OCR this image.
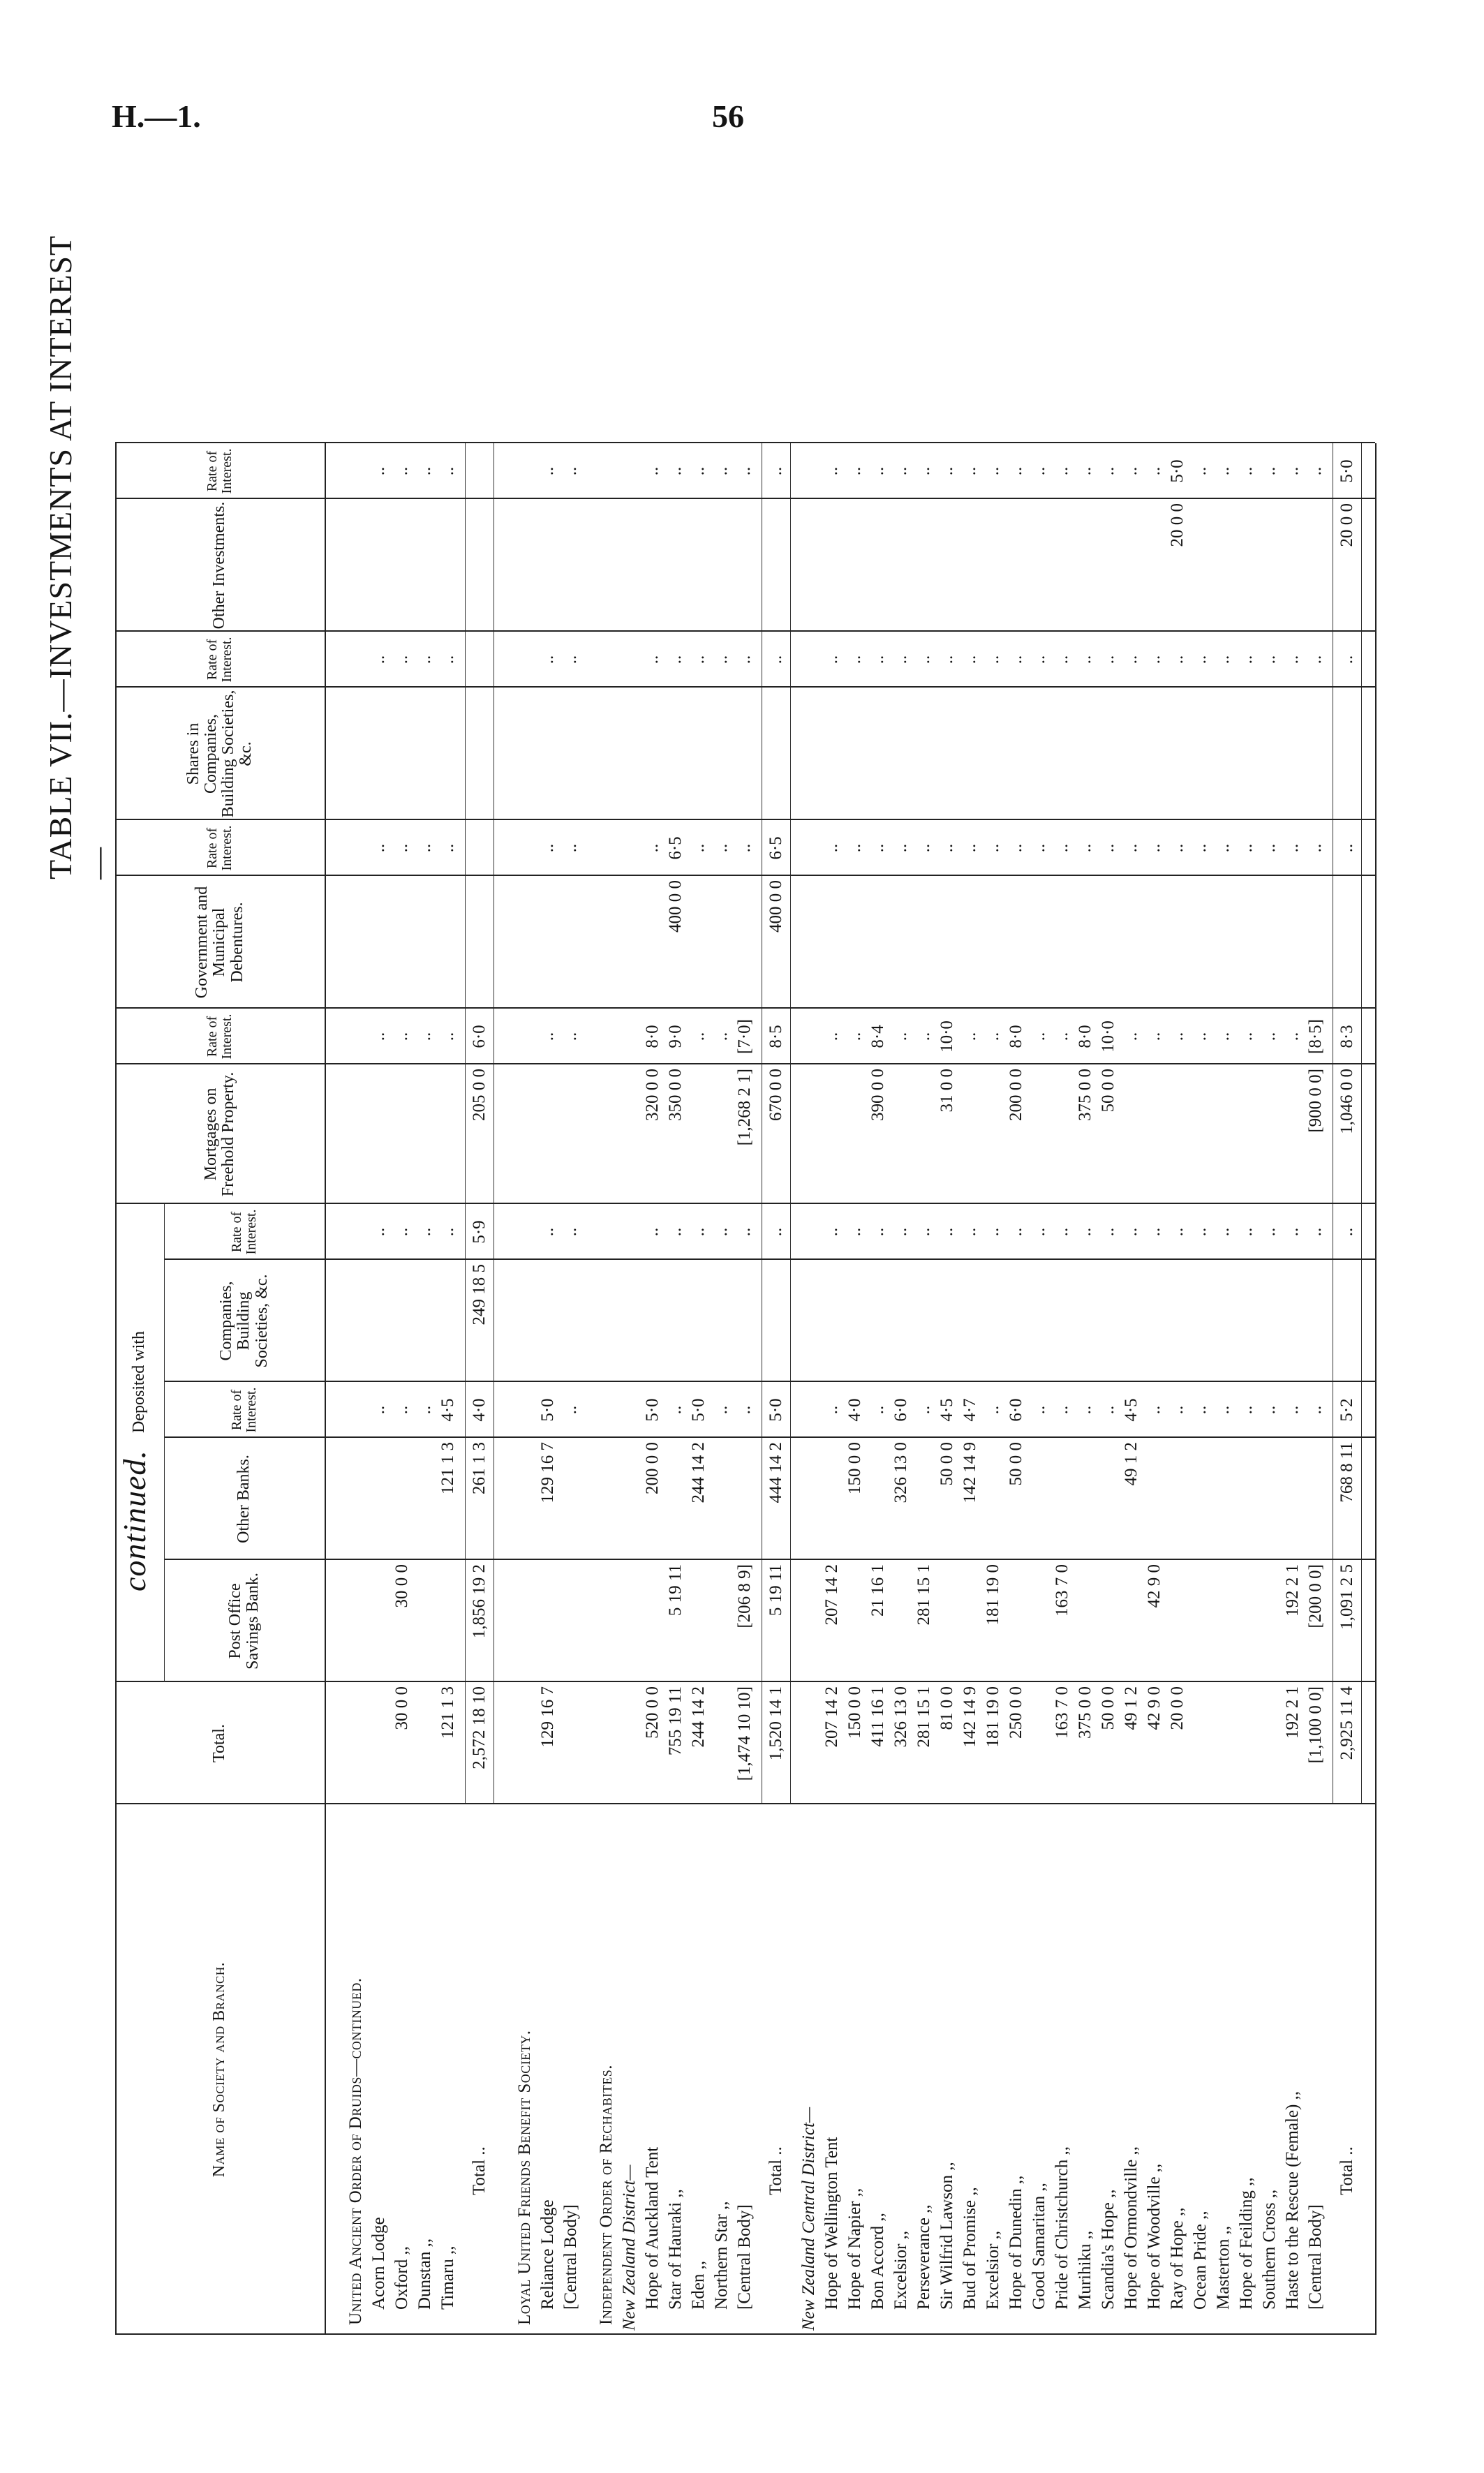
H.—1.	56
TABLE VII.—INVESTMENTS AT INTEREST—continued.
Name of Society and Branch.
Total.
Deposited with
Post Office Savings Bank.
Other Banks.
Rate of Interest.
Companies, Building Societies, &c.
Rate of Interest.
Mortgages on Freehold Property.
Rate of Interest.
Government and Municipal Debentures.
Rate of Interest.
Shares in Companies, Building Societies, &c.
Rate of Interest.
Other Investments.
Rate of Interest.
United Ancient Order of Druids—continued. Acorn Lodge
..
..
..
..
..
..
Oxford ,,
30 0 0
30 0 0
..
..
..
..
..
..
Dunstan ,,
..
..
..
..
..
..
Timaru ,,
121 1 3
121 1 3
4·5
..
..
..
..
..
Total ..
2,572 18 10
1,856 19 2
261 1 3
4·0
249 18 5
5·9
205 0 0
6·0
Loyal United Friends Benefit Society. Reliance Lodge
129 16 7
129 16 7
5·0
..
..
..
..
..
[Central Body]
..
..
..
..
..
..
Independent Order of Rechabites. New Zealand District— Hope of Auckland Tent
520 0 0
200 0 0
5·0
..
320 0 0
8·0
..
..
..
Star of Hauraki ,,
755 19 11
5 19 11
..
..
350 0 0
9·0
400 0 0
6·5
..
..
Eden ,,
244 14 2
244 14 2
5·0
..
..
..
..
..
Northern Star ,,
..
..
..
..
..
..
[Central Body]
[1,474 10 10]
[206 8 9]
..
..
[1,268 2 1]
[7·0]
..
..
..
Total ..
1,520 14 1
5 19 11
444 14 2
5·0
..
670 0 0
8·5
400 0 0
6·5
..
..
New Zealand Central District— Hope of Wellington Tent
207 14 2
207 14 2
..
..
..
..
..
..
Hope of Napier ,,
150 0 0
150 0 0
4·0
..
..
..
..
..
Bon Accord ,,
411 16 1
21 16 1
..
..
390 0 0
8·4
..
..
..
Excelsior ,,
326 13 0
326 13 0
6·0
..
..
..
..
..
Perseverance ,,
281 15 1
281 15 1
..
..
..
..
..
..
Sir Wilfrid Lawson ,,
81 0 0
50 0 0
4·5
..
31 0 0
10·0
..
..
..
Bud of Promise ,,
142 14 9
142 14 9
4·7
..
..
..
..
..
Excelsior ,,
181 19 0
181 19 0
..
..
..
..
..
..
Hope of Dunedin ,,
250 0 0
50 0 0
6·0
..
200 0 0
8·0
..
..
..
Good Samaritan ,,
..
..
..
..
..
..
Pride of Christchurch ,,
163 7 0
163 7 0
..
..
..
..
..
..
Murihiku ,,
375 0 0
..
..
375 0 0
8·0
..
..
..
Scandia's Hope ,,
50 0 0
..
..
50 0 0
10·0
..
..
..
Hope of Ormondville ,,
49 1 2
49 1 2
4·5
..
..
..
..
..
Hope of Woodville ,,
42 9 0
42 9 0
..
..
..
..
..
..
Ray of Hope ,,
20 0 0
..
..
..
..
..
20 0 0
5·0
Ocean Pride ,,
..
..
..
..
..
..
Masterton ,,
..
..
..
..
..
..
Hope of Feilding ,,
..
..
..
..
..
..
Southern Cross ,,
..
..
..
..
..
..
Haste to the Rescue (Female) ,,
192 2 1
192 2 1
..
..
..
..
..
..
[Central Body]
[1,100 0 0]
[200 0 0]
..
..
[900 0 0]
[8·5]
..
..
..
Total ..
2,925 11 4
1,091 2 5
768 8 11
5·2
..
1,046 0 0
8·3
..
..
20 0 0
5·0
